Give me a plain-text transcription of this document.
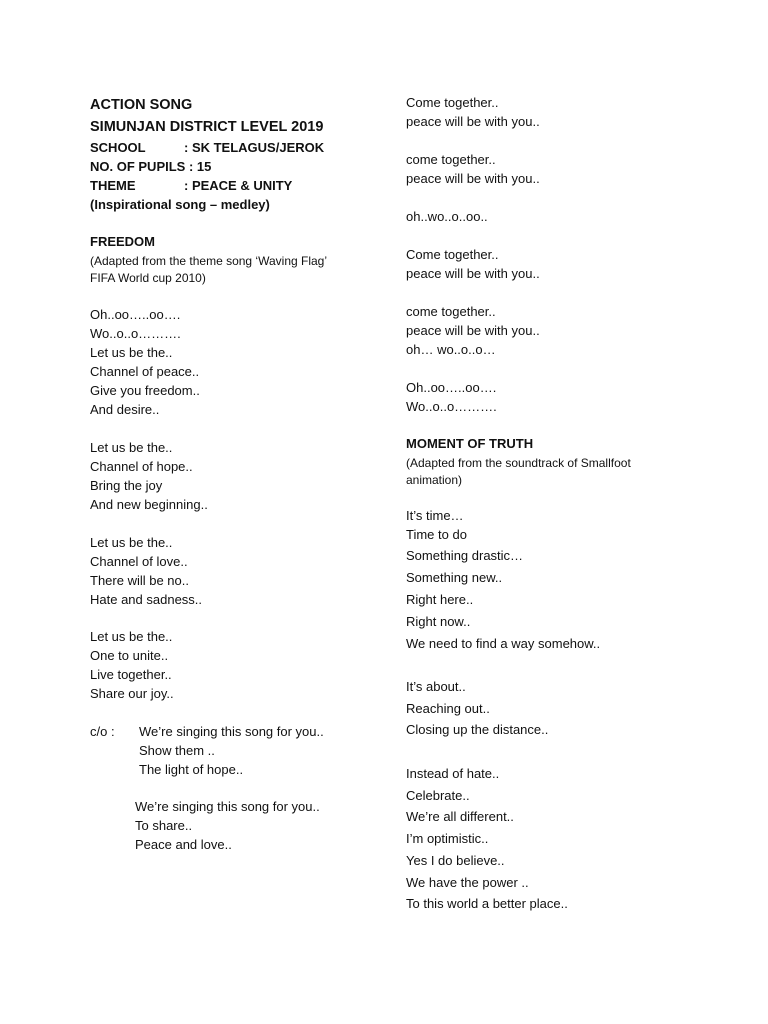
ACTION SONG
SIMUNJAN DISTRICT LEVEL 2019
SCHOOL	: SK TELAGUS/JEROK
NO. OF PUPILS : 15
THEME	: PEACE & UNITY
(Inspirational song – medley)
FREEDOM
(Adapted from the theme song ‘Waving Flag’
FIFA World cup 2010)
Oh..oo…..oo….
Wo..o..o……….
Let us be the..
Channel of peace..
Give you freedom..
And desire..
Let us be the..
Channel of hope..
Bring the joy
And new beginning..
Let us be the..
Channel of love..
There will be no..
Hate and sadness..
Let us be the..
One to unite..
Live together..
Share our joy..
c/o : We’re singing this song for you..
Show them ..
The light of hope..
We’re singing this song for you..
To share..
Peace and love..
Come together..
peace will be with you..
come together..
peace will be with you..
oh..wo..o..oo..
Come together..
peace will be with you..
come together..
peace will be with you..
oh… wo..o..o…
Oh..oo…..oo….
Wo..o..o……….
MOMENT OF TRUTH
(Adapted from the soundtrack of Smallfoot
animation)
It’s time…
Time to do
Something drastic…
Something new..
Right here..
Right now..
We need to find a way somehow..
It’s about..
Reaching out..
Closing up the distance..
Instead of hate..
Celebrate..
We’re all different..
I’m optimistic..
Yes I do believe..
We have the power ..
To this world a better place..
